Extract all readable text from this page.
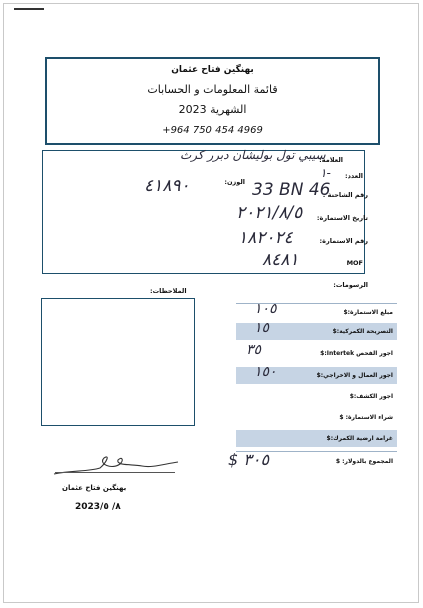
بهنگين فتاح عثمان
قائمة المعلومات و الحسابات
الشهرية 2023
+964 750 454 4969
العلامة:
سيبي تول بوليشان دبرر كرث
العدد:
١-
الوزن:
٤١٨٩٠	رقم الشاحنة :
33 BN 46
تاريخ الاستمارة:
٢٠٢١/٨/٥
رقم الاستمارة:
١٨٢٠٢٤
MOF
٨٤٨١
الرسومات:
الملاحظات:
مبلغ الاستمارة:$
١٠٥
التصريحة الكمركية:$
١٥
اجور الفحص Intertek:$
٣٥
اجور العمال و الاخراجي:$
١٥٠
اجور الكشف:$
شراء الاستمارة: $
غرامة ارضية الكمرك:$
المجموع بالدولار: $
$ ٣٠٥
بهنگين فتاح عثمان
2023/٨/ ٥
